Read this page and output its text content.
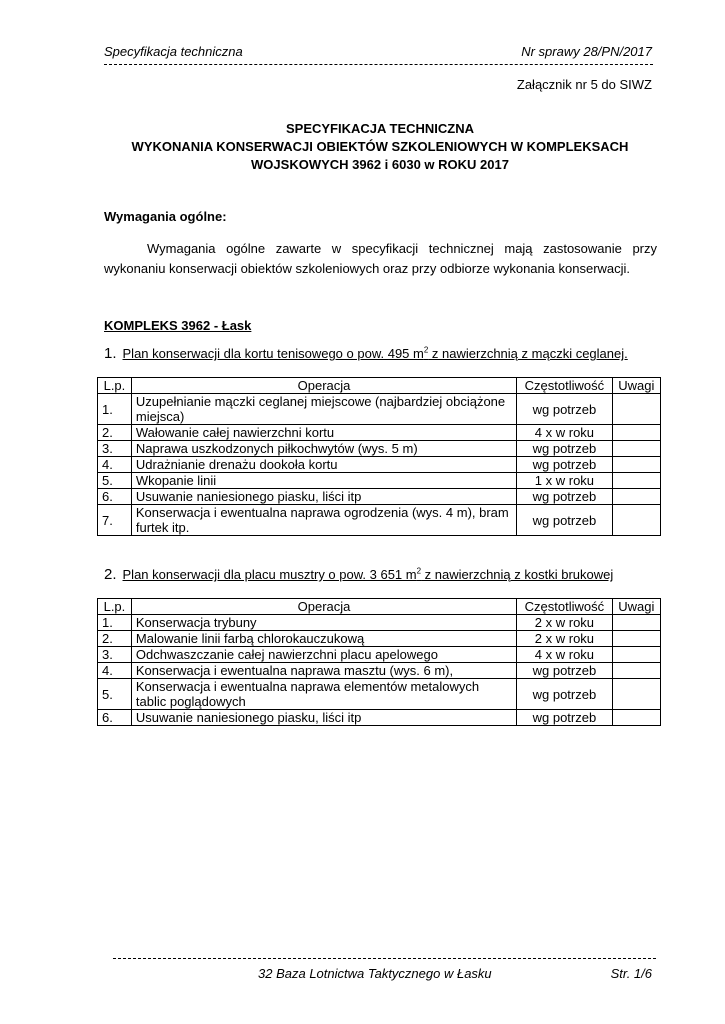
Specyfikacja techniczna	Nr sprawy 28/PN/2017
Załącznik nr 5 do SIWZ
SPECYFIKACJA TECHNICZNA
WYKONANIA KONSERWACJI OBIEKTÓW SZKOLENIOWYCH W KOMPLEKSACH
WOJSKOWYCH 3962 i 6030 w ROKU 2017
Wymagania ogólne:
Wymagania ogólne zawarte w specyfikacji technicznej mają zastosowanie przy wykonaniu konserwacji obiektów szkoleniowych oraz przy odbiorze wykonania konserwacji.
KOMPLEKS 3962 - Łask
1. Plan konserwacji dla kortu tenisowego o pow. 495 $m^2$ z nawierzchnią z mączki ceglanej.
L.p.	Operacja	Częstotliwość	Uwagi
1.	Uzupełnianie mączki ceglanej miejscowe (najbardziej obciążone miejsca)	wg potrzeb	
2.	Wałowanie całej nawierzchni kortu	4 x w roku	
3.	Naprawa uszkodzonych piłkochwytów (wys. 5 m)	wg potrzeb	
4.	Udrażnianie drenażu dookoła kortu	wg potrzeb	
5.	Wkopanie linii	1 x w roku	
6.	Usuwanie naniesionego piasku, liści itp	wg potrzeb	
7.	Konserwacja i ewentualna naprawa ogrodzenia (wys. 4 m), bram furtek itp.	wg potrzeb	
2. Plan konserwacji dla placu musztry o pow. 3 651 $m^2$ z nawierzchnią z kostki brukowej
L.p.	Operacja	Częstotliwość	Uwagi
1.	Konserwacja trybuny	2 x w roku	
2.	Malowanie linii farbą chlorokauczukową	2 x w roku	
3.	Odchwaszczanie całej nawierzchni placu apelowego	4 x w roku	
4.	Konserwacja i ewentualna naprawa masztu (wys. 6 m),	wg potrzeb	
5.	Konserwacja i ewentualna naprawa elementów metalowych tablic poglądowych	wg potrzeb	
6.	Usuwanie naniesionego piasku, liści itp	wg potrzeb	
32 Baza Lotnictwa Taktycznego w Łasku	Str. 1/6
